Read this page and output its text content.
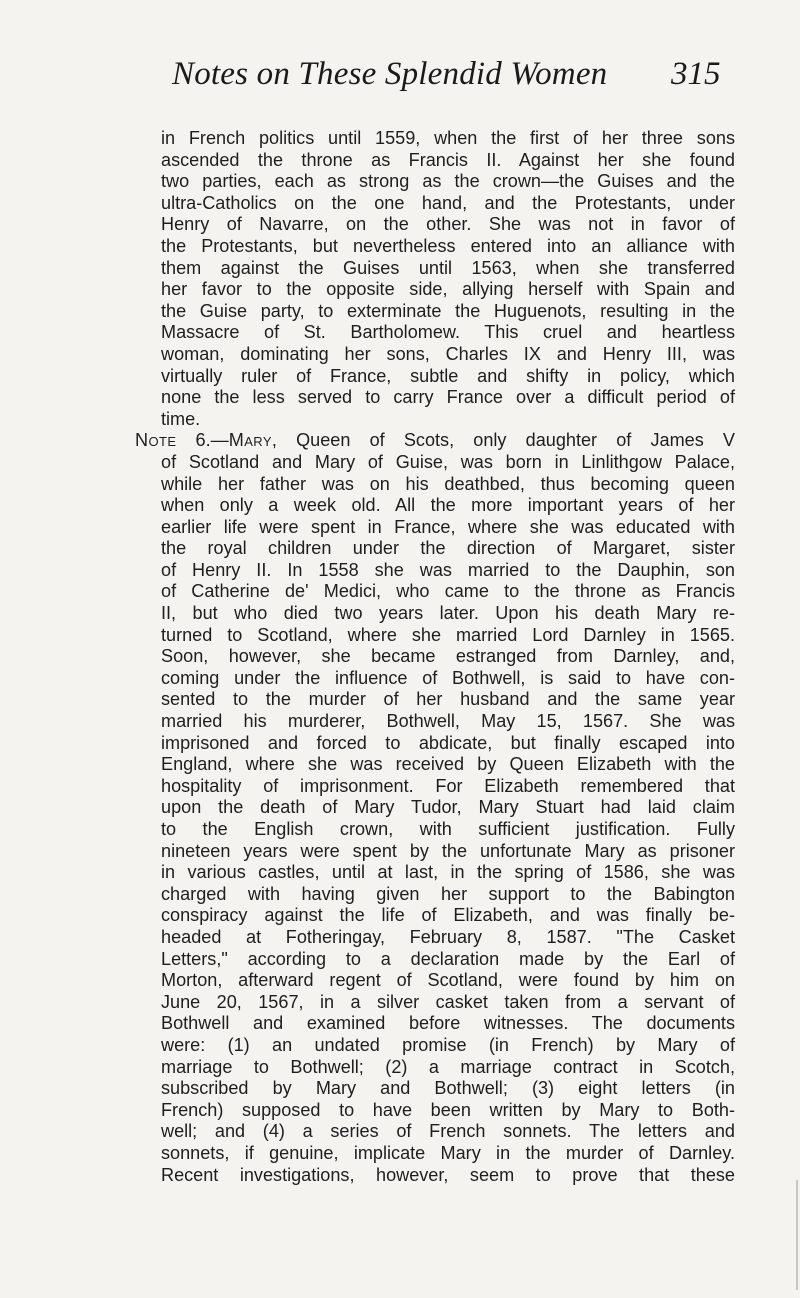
Notes on These Splendid Women 315
in French politics until 1559, when the first of her three sons
ascended the throne as Francis II. Against her she found
two parties, each as strong as the crown—the Guises and the
ultra-Catholics on the one hand, and the Protestants, under
Henry of Navarre, on the other. She was not in favor of
the Protestants, but nevertheless entered into an alliance with
them against the Guises until 1563, when she transferred
her favor to the opposite side, allying herself with Spain and
the Guise party, to exterminate the Huguenots, resulting in the
Massacre of St. Bartholomew. This cruel and heartless
woman, dominating her sons, Charles IX and Henry III, was
virtually ruler of France, subtle and shifty in policy, which
none the less served to carry France over a difficult period of
time.
Note 6.—Mary, Queen of Scots, only daughter of James V
of Scotland and Mary of Guise, was born in Linlithgow Palace,
while her father was on his deathbed, thus becoming queen
when only a week old. All the more important years of her
earlier life were spent in France, where she was educated with
the royal children under the direction of Margaret, sister
of Henry II. In 1558 she was married to the Dauphin, son
of Catherine de' Medici, who came to the throne as Francis
II, but who died two years later. Upon his death Mary re-
turned to Scotland, where she married Lord Darnley in 1565.
Soon, however, she became estranged from Darnley, and,
coming under the influence of Bothwell, is said to have con-
sented to the murder of her husband and the same year
married his murderer, Bothwell, May 15, 1567. She was
imprisoned and forced to abdicate, but finally escaped into
England, where she was received by Queen Elizabeth with the
hospitality of imprisonment. For Elizabeth remembered that
upon the death of Mary Tudor, Mary Stuart had laid claim
to the English crown, with sufficient justification. Fully
nineteen years were spent by the unfortunate Mary as prisoner
in various castles, until at last, in the spring of 1586, she was
charged with having given her support to the Babington
conspiracy against the life of Elizabeth, and was finally be-
headed at Fotheringay, February 8, 1587. "The Casket
Letters," according to a declaration made by the Earl of
Morton, afterward regent of Scotland, were found by him on
June 20, 1567, in a silver casket taken from a servant of
Bothwell and examined before witnesses. The documents
were: (1) an undated promise (in French) by Mary of
marriage to Bothwell; (2) a marriage contract in Scotch,
subscribed by Mary and Bothwell; (3) eight letters (in
French) supposed to have been written by Mary to Both-
well; and (4) a series of French sonnets. The letters and
sonnets, if genuine, implicate Mary in the murder of Darnley.
Recent investigations, however, seem to prove that these
